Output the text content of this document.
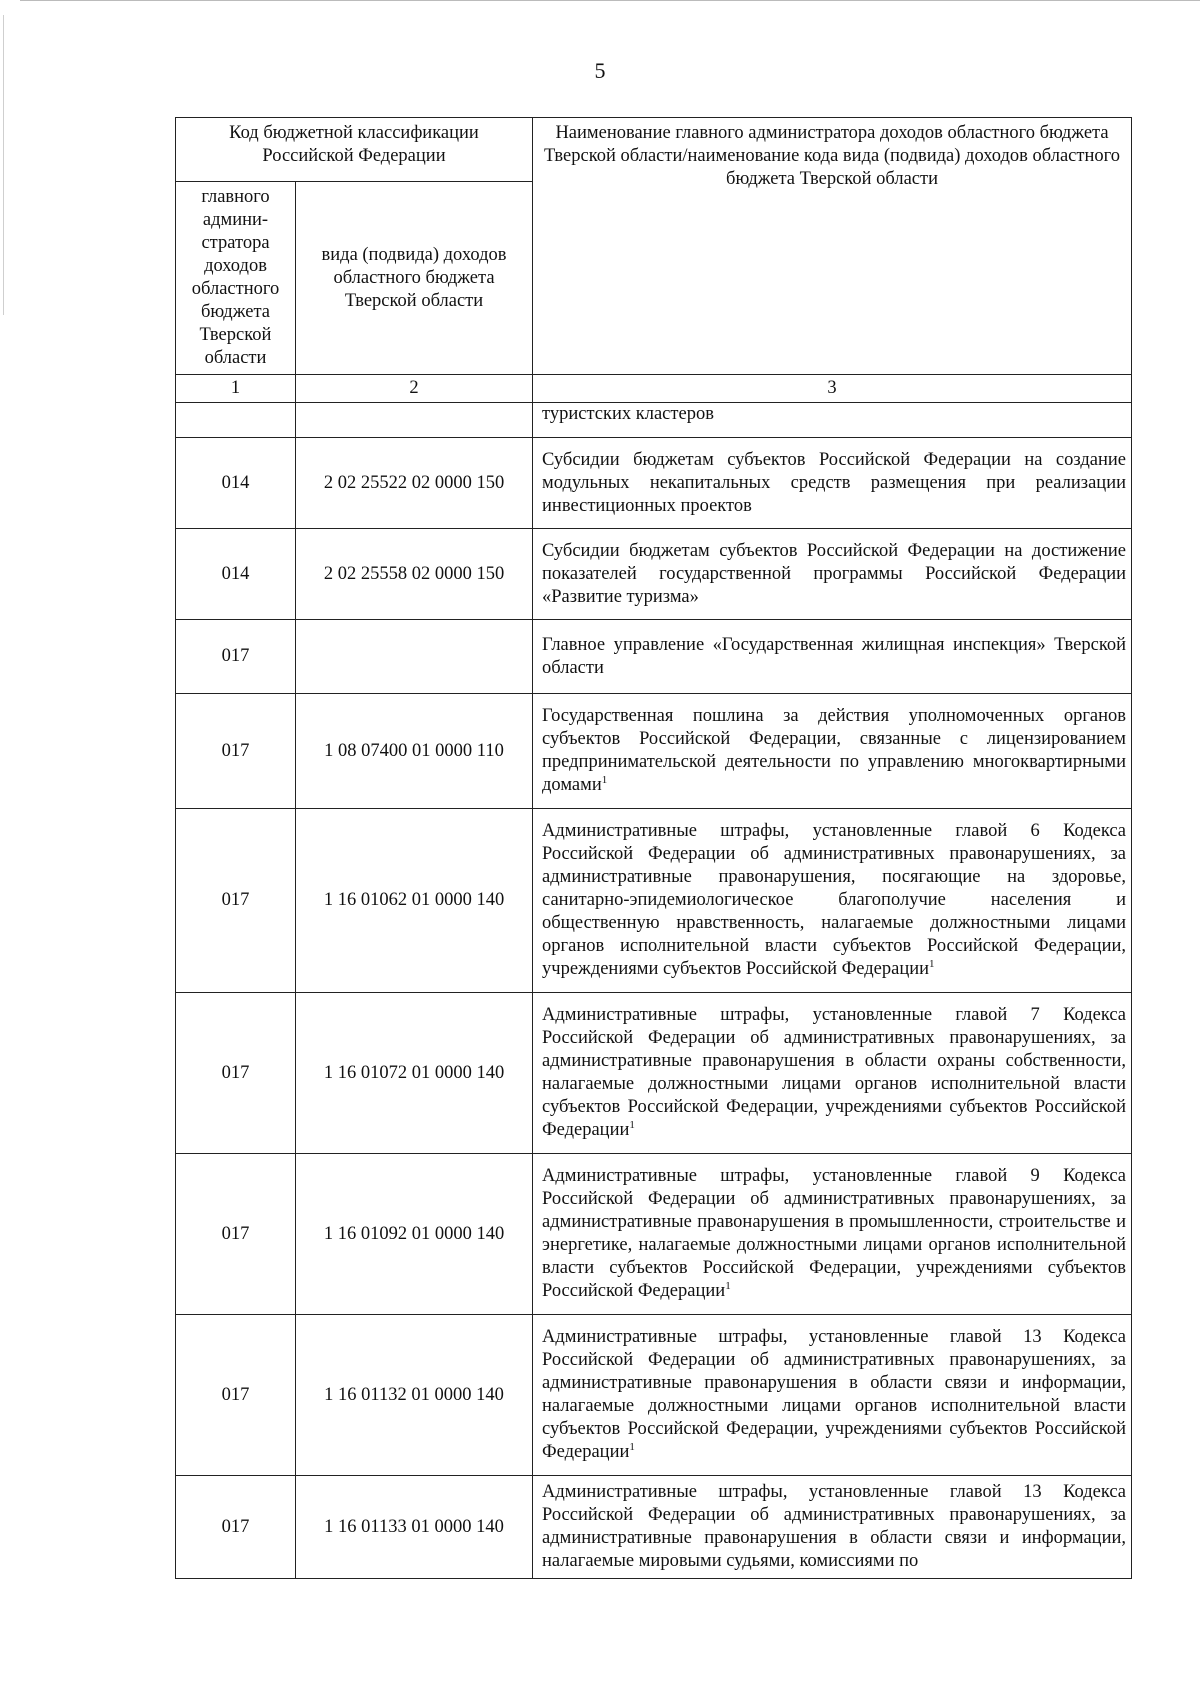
5
Код бюджетной классификации Российской Федерации		Наименование главного администратора доходов областного бюджета Тверской области/наименование кода вида (подвида) доходов областного бюджета Тверской области
главного админи-стратора доходов областного бюджета Тверской области	вида (подвида) доходов областного бюджета Тверской области	
1	2	3

		туристских кластеров

014	2 02 25522 02 0000 150	Субсидии бюджетам субъектов Российской Федерации на создание модульных некапитальных средств размещения при реализации инвестиционных проектов

014	2 02 25558 02 0000 150	Субсидии бюджетам субъектов Российской Федерации на достижение показателей государственной программы Российской Федерации «Развитие туризма»

017		Главное управление «Государственная жилищная инспекция» Тверской области

017	1 08 07400 01 0000 110	Государственная пошлина за действия уполномоченных органов субъектов Российской Федерации, связанные с лицензированием предпринимательской деятельности по управлению многоквартирными домами$^1$

017	1 16 01062 01 0000 140	Административные штрафы, установленные главой 6 Кодекса Российской Федерации об административных правонарушениях, за административные правонарушения, посягающие на здоровье, санитарно-эпидемиологическое благополучие населения и общественную нравственность, налагаемые должностными лицами органов исполнительной власти субъектов Российской Федерации, учреждениями субъектов Российской Федерации$^1$

017	1 16 01072 01 0000 140	Административные штрафы, установленные главой 7 Кодекса Российской Федерации об административных правонарушениях, за административные правонарушения в области охраны собственности, налагаемые должностными лицами органов исполнительной власти субъектов Российской Федерации, учреждениями субъектов Российской Федерации$^1$

017	1 16 01092 01 0000 140	Административные штрафы, установленные главой 9 Кодекса Российской Федерации об административных правонарушениях, за административные правонарушения в промышленности, строительстве и энергетике, налагаемые должностными лицами органов исполнительной власти субъектов Российской Федерации, учреждениями субъектов Российской Федерации$^1$

017	1 16 01132 01 0000 140	Административные штрафы, установленные главой 13 Кодекса Российской Федерации об административных правонарушениях, за административные правонарушения в области связи и информации, налагаемые должностными лицами органов исполнительной власти субъектов Российской Федерации, учреждениями субъектов Российской Федерации$^1$

017	1 16 01133 01 0000 140	Административные штрафы, установленные главой 13 Кодекса Российской Федерации об административных правонарушениях, за административные правонарушения в области связи и информации, налагаемые мировыми судьями, комиссиями по
